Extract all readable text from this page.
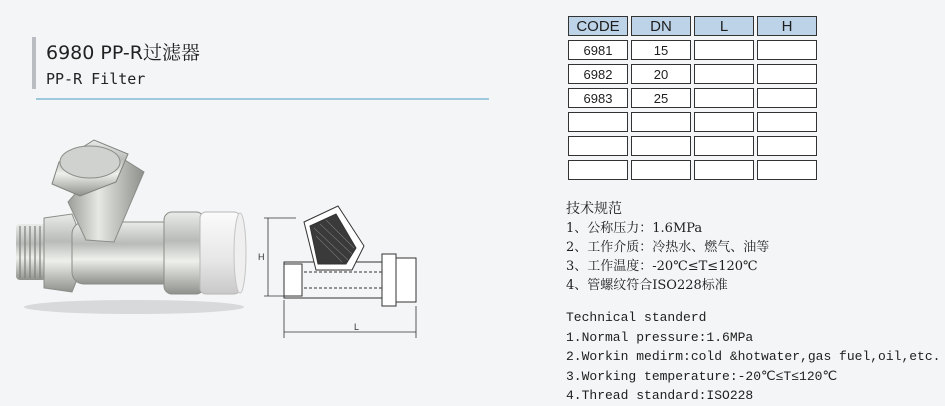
6980 PP-R过滤器
PP-R Filter
H
L
CODE	DN	L	H
6981	15		
6982	20		
6983	25		

技术规范
1、公称压力：1.6MPa
2、工作介质：冷热水、燃气、油等
3、工作温度：-20℃≤T≤120℃
4、管螺纹符合ISO228标准
Technical standerd
1.Normal pressure:1.6MPa
2.Workin medirm:cold &hotwater,gas fuel,oil,etc.
3.Working temperature:-20℃≤T≤120℃
4.Thread standard:ISO228
